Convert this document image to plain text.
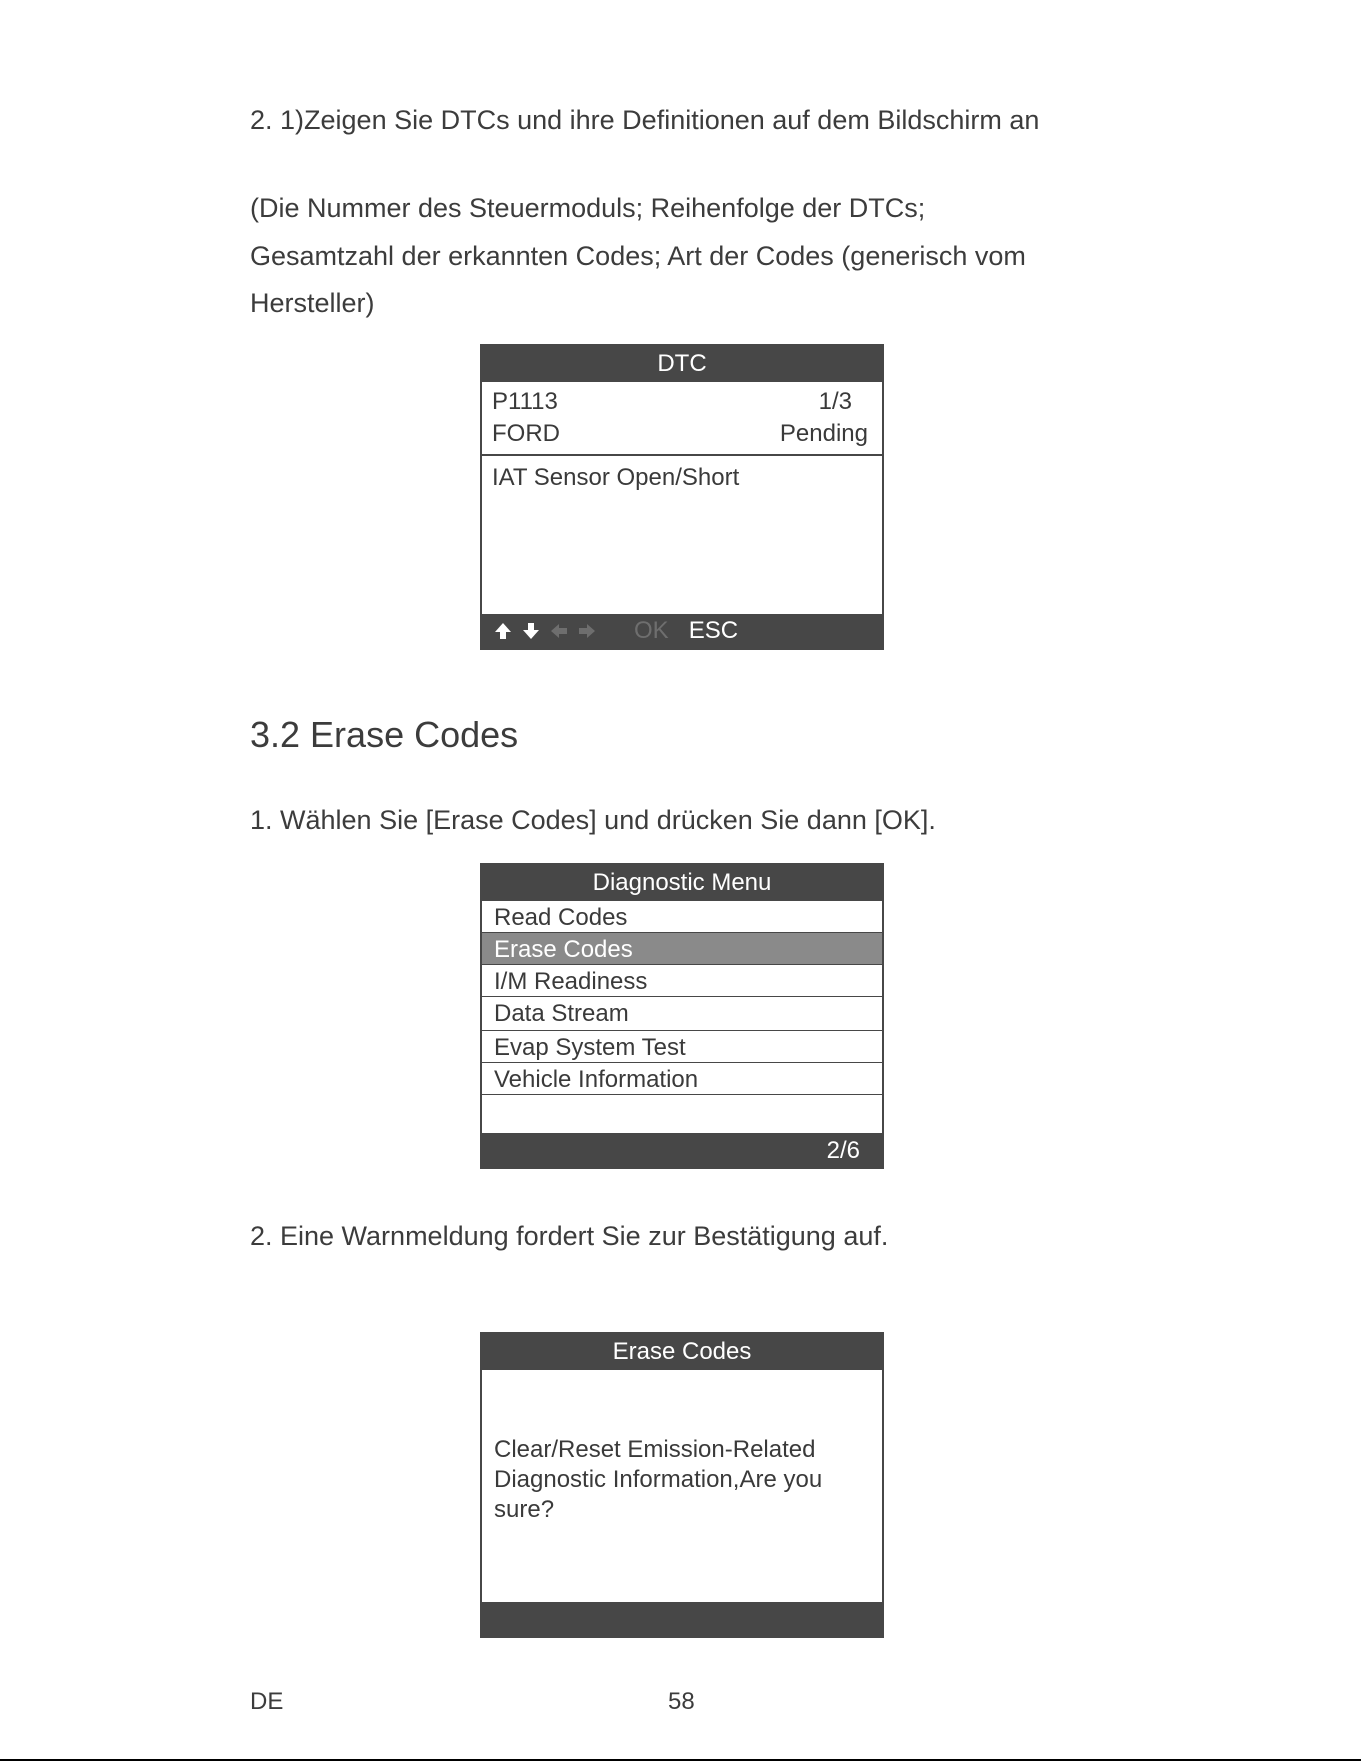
2. 1)Zeigen Sie DTCs und ihre Definitionen auf dem Bildschirm an
(Die Nummer des Steuermoduls; Reihenfolge der DTCs;
Gesamtzahl der erkannten Codes; Art der Codes (generisch vom
Hersteller)
DTC
P1113	1/3
FORD	Pending
IAT Sensor Open/Short
OK ESC
3.2 Erase Codes
1. Wählen Sie [Erase Codes] und drücken Sie dann [OK].
Diagnostic Menu
Read Codes
Erase Codes
I/M Readiness
Data Stream
Evap System Test
Vehicle Information
2/6
2. Eine Warnmeldung fordert Sie zur Bestätigung auf.
Erase Codes
Clear/Reset Emission-Related
Diagnostic Information,Are you
sure?
DE	58
